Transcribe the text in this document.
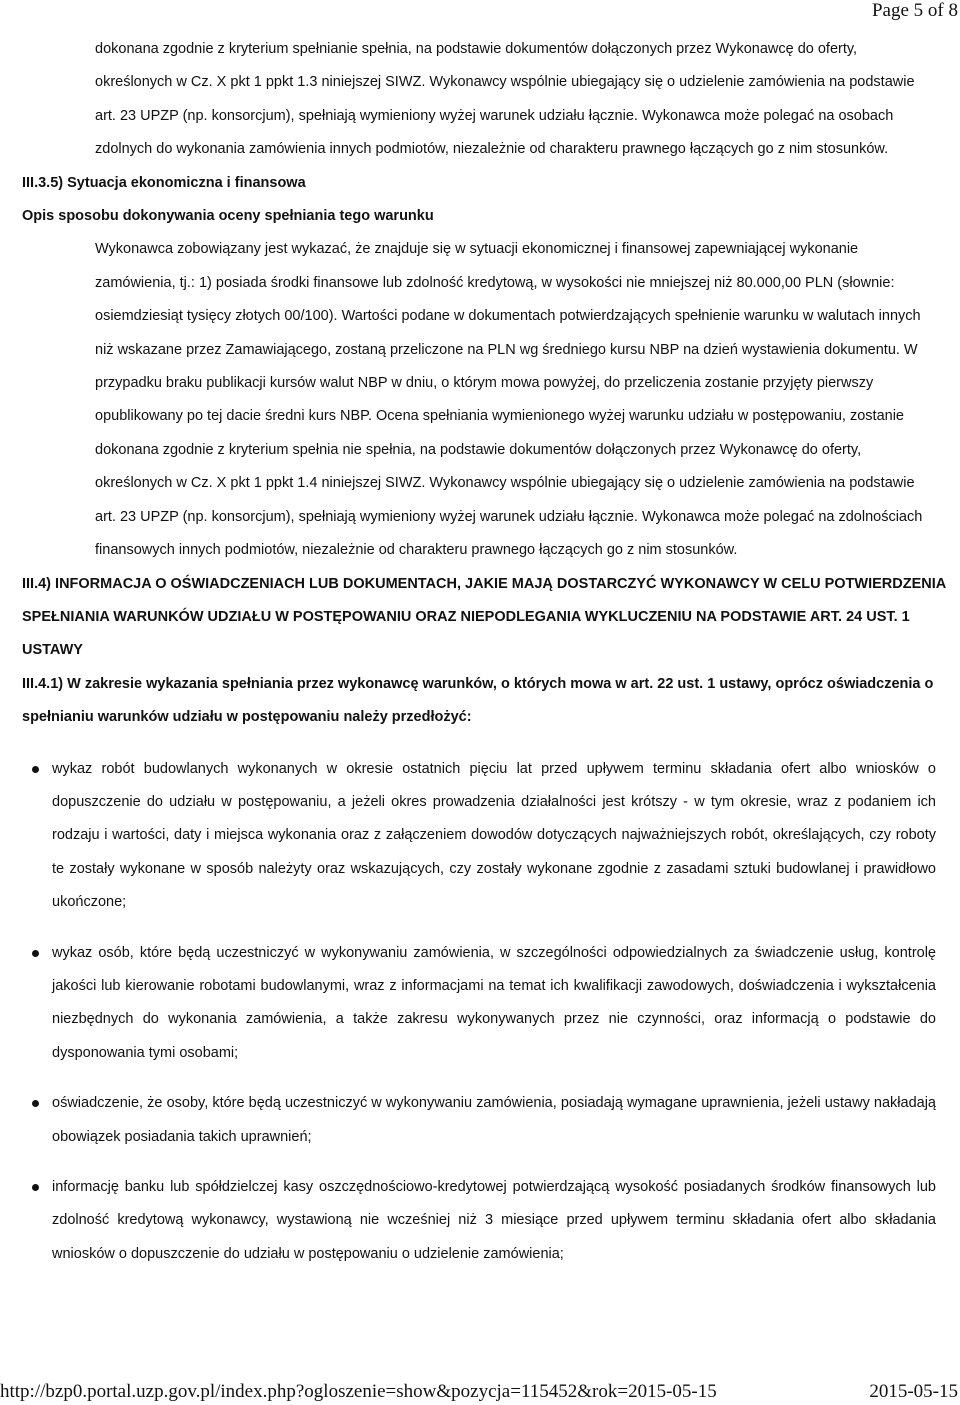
Page 5 of 8

dokonana zgodnie z kryterium spełnianie spełnia, na podstawie dokumentów dołączonych przez Wykonawcę do oferty, określonych w Cz. X pkt 1 ppkt 1.3 niniejszej SIWZ. Wykonawcy wspólnie ubiegający się o udzielenie zamówienia na podstawie art. 23 UPZP (np. konsorcjum), spełniają wymieniony wyżej warunek udziału łącznie. Wykonawca może polegać na osobach zdolnych do wykonania zamówienia innych podmiotów, niezależnie od charakteru prawnego łączących go z nim stosunków.

III.3.5) Sytuacja ekonomiczna i finansowa

Opis sposobu dokonywania oceny spełniania tego warunku

Wykonawca zobowiązany jest wykazać, że znajduje się w sytuacji ekonomicznej i finansowej zapewniającej wykonanie zamówienia, tj.: 1) posiada środki finansowe lub zdolność kredytową, w wysokości nie mniejszej niż 80.000,00 PLN (słownie: osiemdziesiąt tysięcy złotych 00/100). Wartości podane w dokumentach potwierdzających spełnienie warunku w walutach innych niż wskazane przez Zamawiającego, zostaną przeliczone na PLN wg średniego kursu NBP na dzień wystawienia dokumentu. W przypadku braku publikacji kursów walut NBP w dniu, o którym mowa powyżej, do przeliczenia zostanie przyjęty pierwszy opublikowany po tej dacie średni kurs NBP. Ocena spełniania wymienionego wyżej warunku udziału w postępowaniu, zostanie dokonana zgodnie z kryterium spełnia nie spełnia, na podstawie dokumentów dołączonych przez Wykonawcę do oferty, określonych w Cz. X pkt 1 ppkt 1.4 niniejszej SIWZ. Wykonawcy wspólnie ubiegający się o udzielenie zamówienia na podstawie art. 23 UPZP (np. konsorcjum), spełniają wymieniony wyżej warunek udziału łącznie. Wykonawca może polegać na zdolnościach finansowych innych podmiotów, niezależnie od charakteru prawnego łączących go z nim stosunków.

III.4) INFORMACJA O OŚWIADCZENIACH LUB DOKUMENTACH, JAKIE MAJĄ DOSTARCZYĆ WYKONAWCY W CELU POTWIERDZENIA SPEŁNIANIA WARUNKÓW UDZIAŁU W POSTĘPOWANIU ORAZ NIEPODLEGANIA WYKLUCZENIU NA PODSTAWIE ART. 24 UST. 1 USTAWY

III.4.1) W zakresie wykazania spełniania przez wykonawcę warunków, o których mowa w art. 22 ust. 1 ustawy, oprócz oświadczenia o spełnianiu warunków udziału w postępowaniu należy przedłożyć:

wykaz robót budowlanych wykonanych w okresie ostatnich pięciu lat przed upływem terminu składania ofert albo wniosków o dopuszczenie do udziału w postępowaniu, a jeżeli okres prowadzenia działalności jest krótszy - w tym okresie, wraz z podaniem ich rodzaju i wartości, daty i miejsca wykonania oraz z załączeniem dowodów dotyczących najważniejszych robót, określających, czy roboty te zostały wykonane w sposób należyty oraz wskazujących, czy zostały wykonane zgodnie z zasadami sztuki budowlanej i prawidłowo ukończone;
wykaz osób, które będą uczestniczyć w wykonywaniu zamówienia, w szczególności odpowiedzialnych za świadczenie usług, kontrolę jakości lub kierowanie robotami budowlanymi, wraz z informacjami na temat ich kwalifikacji zawodowych, doświadczenia i wykształcenia niezbędnych do wykonania zamówienia, a także zakresu wykonywanych przez nie czynności, oraz informacją o podstawie do dysponowania tymi osobami;
oświadczenie, że osoby, które będą uczestniczyć w wykonywaniu zamówienia, posiadają wymagane uprawnienia, jeżeli ustawy nakładają obowiązek posiadania takich uprawnień;
informację banku lub spółdzielczej kasy oszczędnościowo-kredytowej potwierdzającą wysokość posiadanych środków finansowych lub zdolność kredytową wykonawcy, wystawioną nie wcześniej niż 3 miesiące przed upływem terminu składania ofert albo składania wniosków o dopuszczenie do udziału w postępowaniu o udzielenie zamówienia;
http://bzp0.portal.uzp.gov.pl/index.php?ogloszenie=show&pozycja=115452&rok=2015-05-15	2015-05-15
